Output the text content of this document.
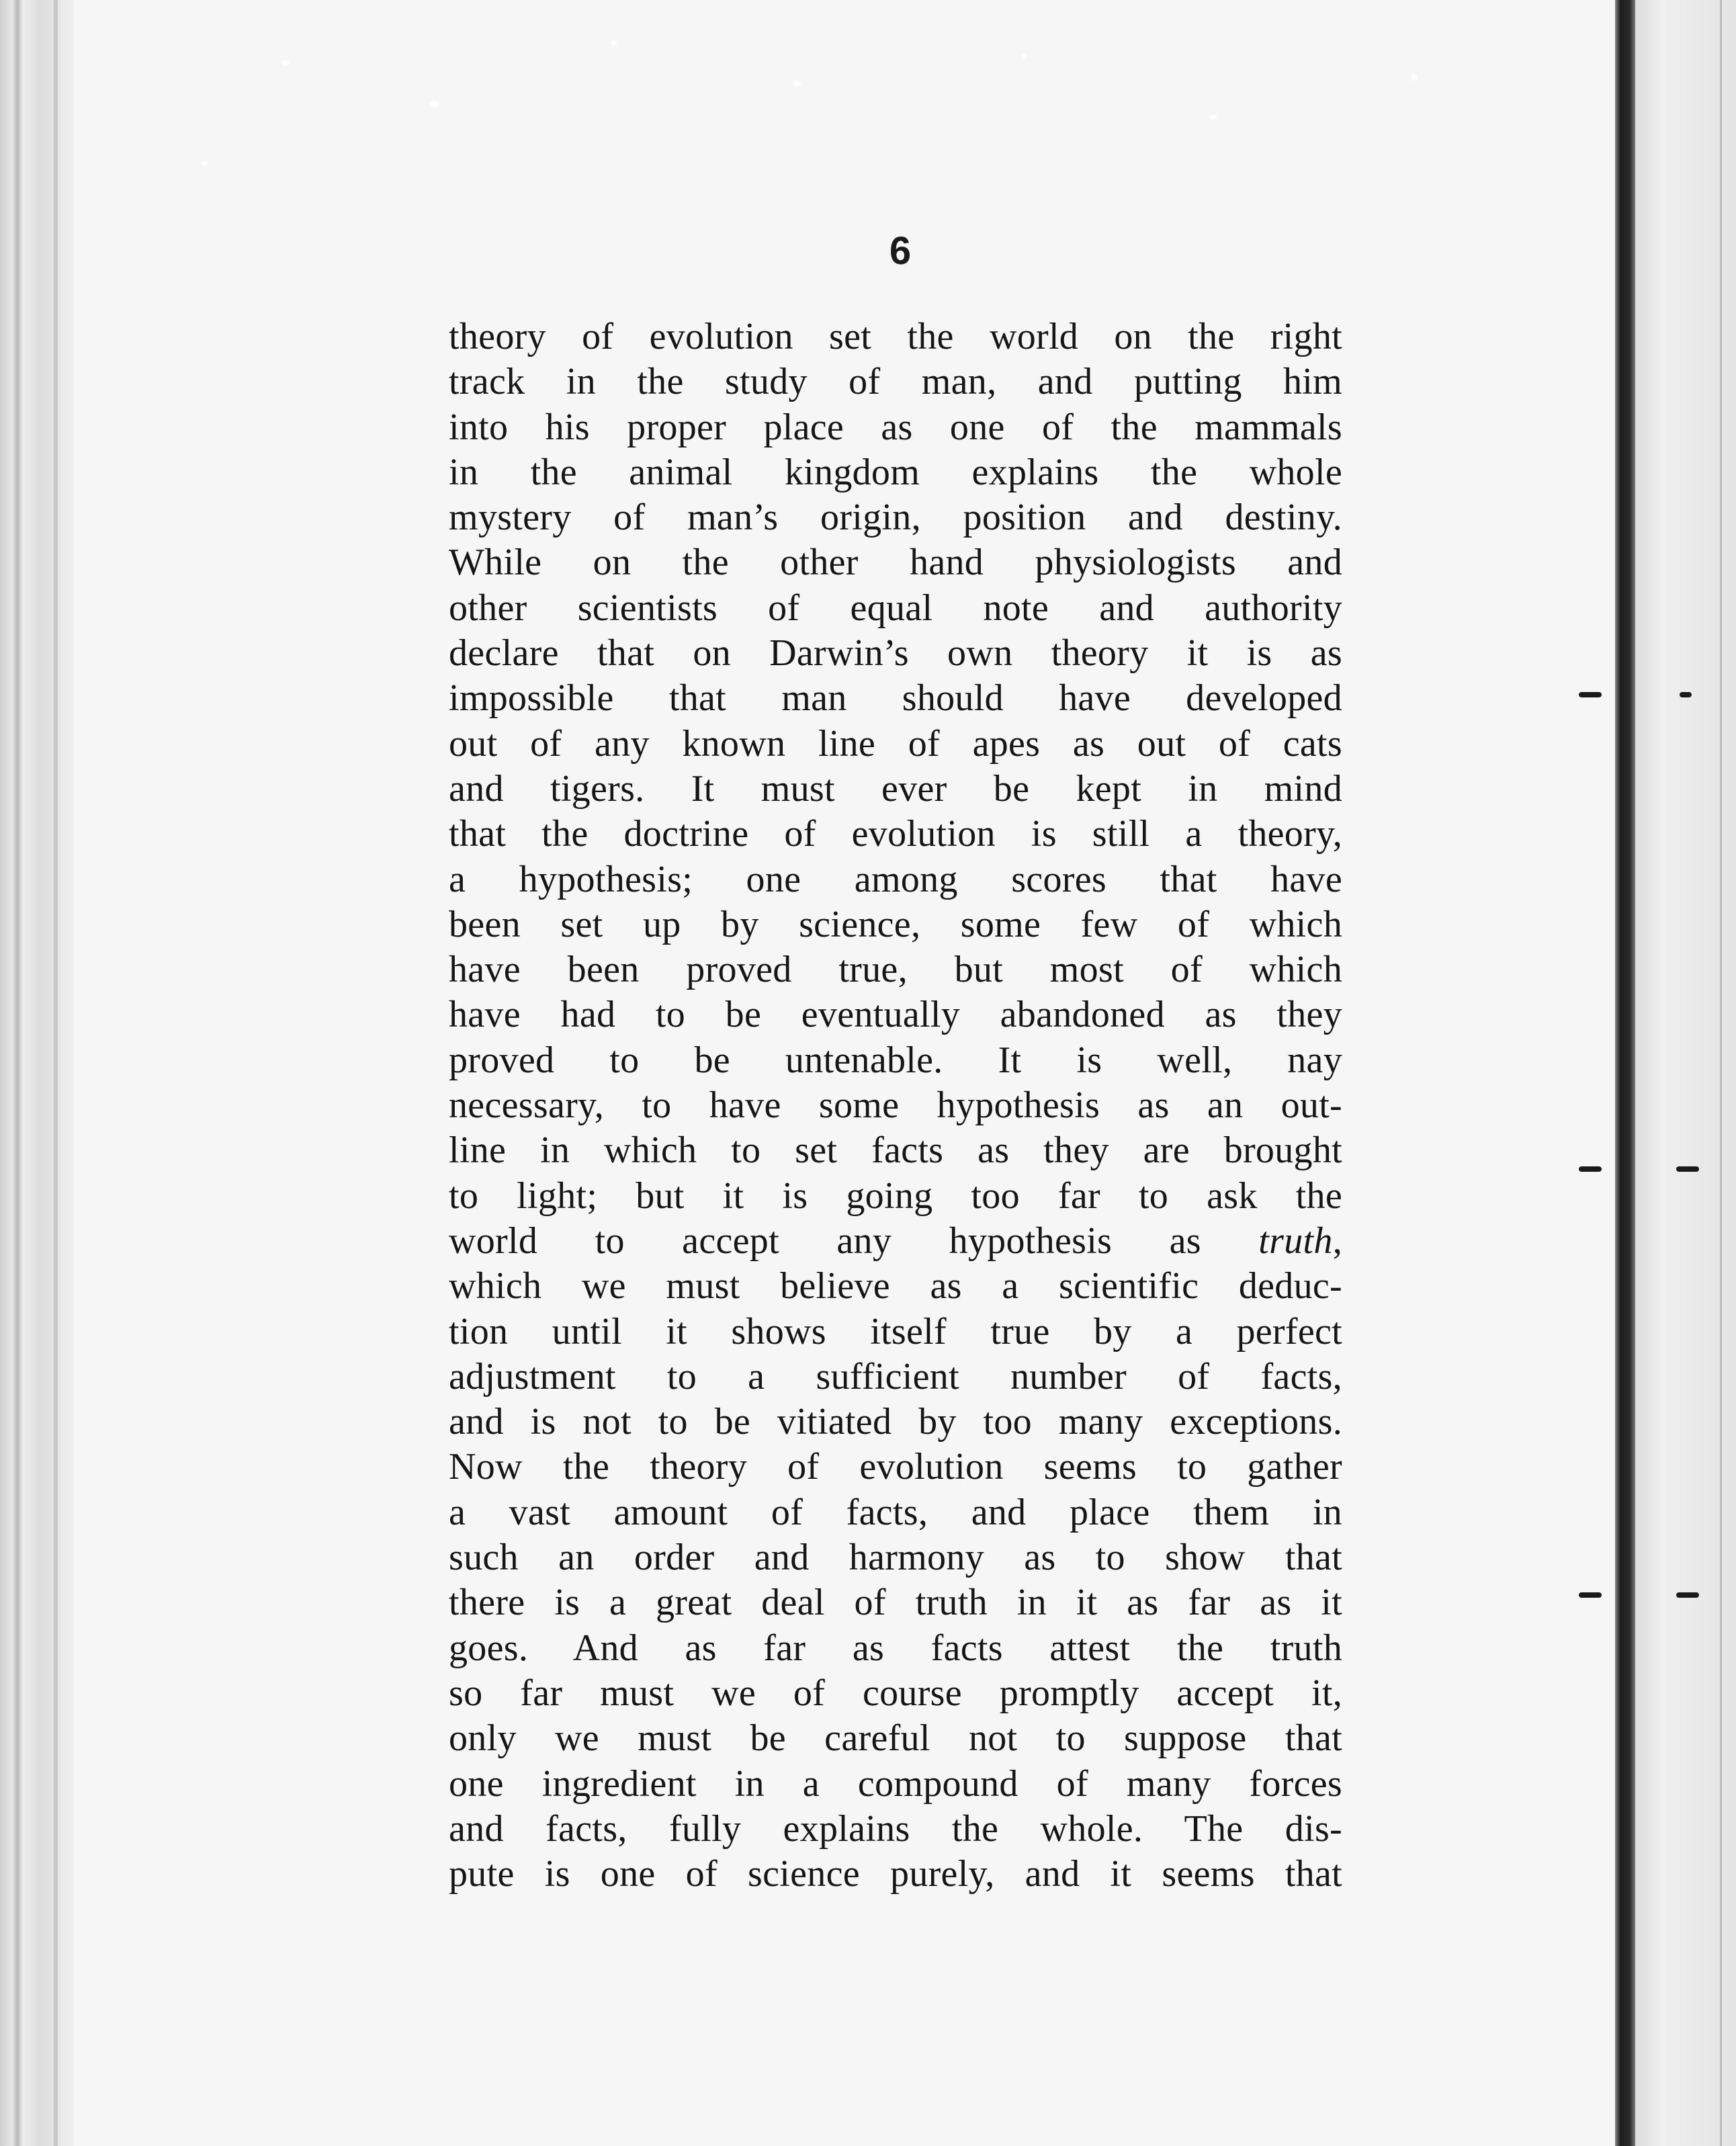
6
theory of evolution set the world on the right
track in the study of man, and putting him
into his proper place as one of the mammals
in the animal kingdom explains the whole
mystery of man’s origin, position and destiny.
While on the other hand physiologists and
other scientists of equal note and authority
declare that on Darwin’s own theory it is as
impossible that man should have developed
out of any known line of apes as out of cats
and tigers. It must ever be kept in mind
that the doctrine of evolution is still a theory,
a hypothesis; one among scores that have
been set up by science, some few of which
have been proved true, but most of which
have had to be eventually abandoned as they
proved to be untenable. It is well, nay
necessary, to have some hypothesis as an out-
line in which to set facts as they are brought
to light; but it is going too far to ask the
world to accept any hypothesis as truth,
which we must believe as a scientific deduc-
tion until it shows itself true by a perfect
adjustment to a sufficient number of facts,
and is not to be vitiated by too many exceptions.
Now the theory of evolution seems to gather
a vast amount of facts, and place them in
such an order and harmony as to show that
there is a great deal of truth in it as far as it
goes. And as far as facts attest the truth
so far must we of course promptly accept it,
only we must be careful not to suppose that
one ingredient in a compound of many forces
and facts, fully explains the whole. The dis-
pute is one of science purely, and it seems that
